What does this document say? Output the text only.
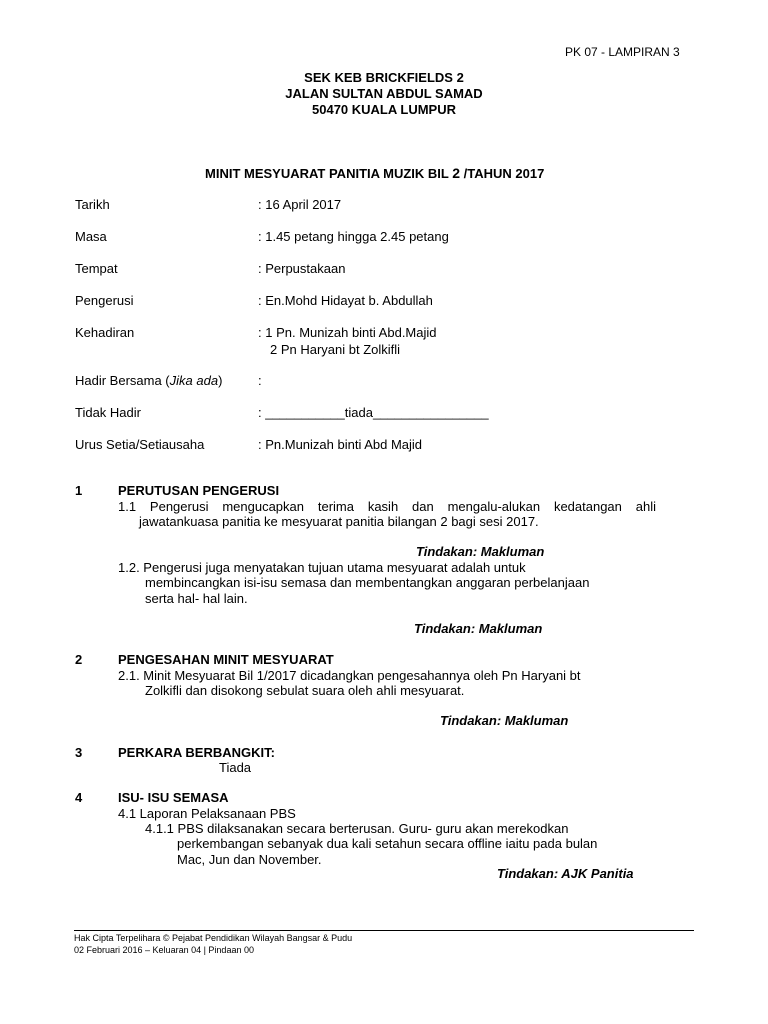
PK 07 - LAMPIRAN 3
SEK KEB BRICKFIELDS 2
JALAN SULTAN ABDUL SAMAD
50470 KUALA LUMPUR
MINIT MESYUARAT PANITIA MUZIK BIL 2 /TAHUN 2017
Tarikh	: 16 April 2017
Masa	: 1.45 petang hingga 2.45 petang
Tempat	: Perpustakaan
Pengerusi	: En.Mohd Hidayat b. Abdullah
Kehadiran	: 1 Pn. Munizah binti Abd.Majid
2 Pn Haryani bt Zolkifli
Hadir Bersama (Jika ada)	:
Tidak Hadir	: ___________tiada________________
Urus Setia/Setiausaha	: Pn.Munizah binti Abd Majid
1	PERUTUSAN PENGERUSI
1.1 Pengerusi mengucapkan terima kasih dan mengalu-alukan kedatangan ahli
jawatankuasa panitia ke mesyuarat panitia bilangan 2 bagi sesi 2017.
Tindakan: Makluman
1.2. Pengerusi juga menyatakan tujuan utama mesyuarat adalah untuk
membincangkan isi-isu semasa dan membentangkan anggaran perbelanjaan
serta hal- hal lain.
Tindakan: Makluman
2	PENGESAHAN MINIT MESYUARAT
2.1. Minit Mesyuarat Bil 1/2017 dicadangkan pengesahannya oleh Pn Haryani bt
Zolkifli dan disokong sebulat suara oleh ahli mesyuarat.
Tindakan: Makluman
3	PERKARA BERBANGKIT:
Tiada
4	ISU- ISU SEMASA
4.1 Laporan Pelaksanaan PBS
4.1.1 PBS dilaksanakan secara berterusan. Guru- guru akan merekodkan
perkembangan sebanyak dua kali setahun secara offline iaitu pada bulan
Mac, Jun dan November.
Tindakan: AJK Panitia
Hak Cipta Terpelihara © Pejabat Pendidikan Wilayah Bangsar & Pudu
02 Februari 2016 – Keluaran 04 | Pindaan 00
